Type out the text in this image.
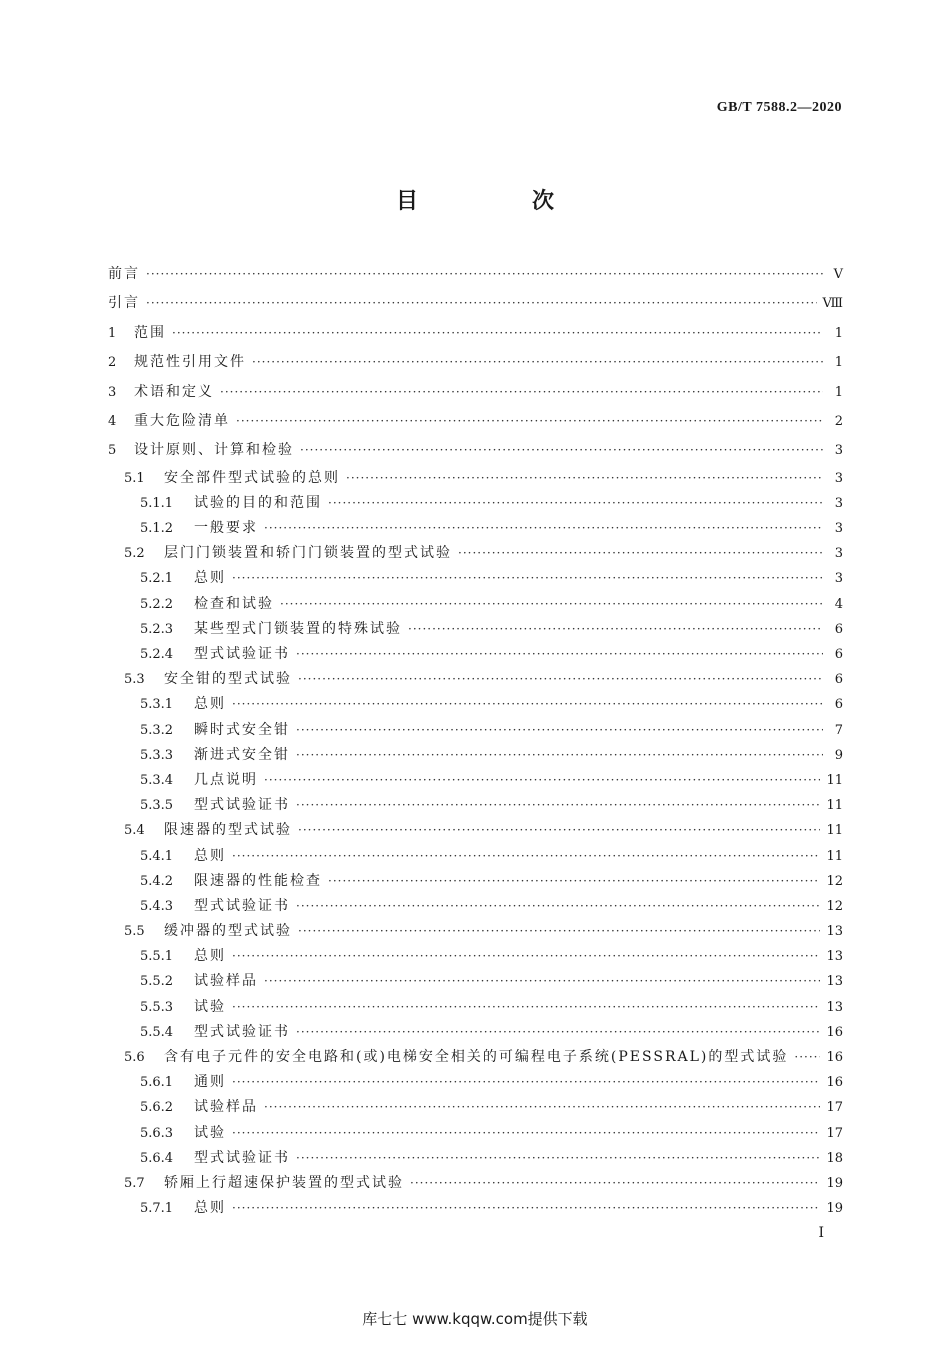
GB/T 7588.2—2020
目　次
前言 ·····	Ⅴ
引言 ·····	Ⅷ
1	范围 ·····	1
2	规范性引用文件 ·····	1
3	术语和定义 ·····	1
4	重大危险清单 ·····	2
5	设计原则、计算和检验 ·····	3
5.1	安全部件型式试验的总则 ·····	3
5.1.1	试验的目的和范围 ·····	3
5.1.2	一般要求 ·····	3
5.2	层门门锁装置和轿门门锁装置的型式试验 ·····	3
5.2.1	总则 ·····	3
5.2.2	检查和试验 ·····	4
5.2.3	某些型式门锁装置的特殊试验 ·····	6
5.2.4	型式试验证书 ·····	6
5.3	安全钳的型式试验 ·····	6
5.3.1	总则 ·····	6
5.3.2	瞬时式安全钳 ·····	7
5.3.3	渐进式安全钳 ·····	9
5.3.4	几点说明 ·····	11
5.3.5	型式试验证书 ·····	11
5.4	限速器的型式试验 ·····	11
5.4.1	总则 ·····	11
5.4.2	限速器的性能检查 ·····	12
5.4.3	型式试验证书 ·····	12
5.5	缓冲器的型式试验 ·····	13
5.5.1	总则 ·····	13
5.5.2	试验样品 ·····	13
5.5.3	试验 ·····	13
5.5.4	型式试验证书 ·····	16
5.6	含有电子元件的安全电路和(或)电梯安全相关的可编程电子系统(PESSRAL)的型式试验 ·····	16
5.6.1	通则 ·····	16
5.6.2	试验样品 ·····	17
5.6.3	试验 ·····	17
5.6.4	型式试验证书 ·····	18
5.7	轿厢上行超速保护装置的型式试验 ·····	19
5.7.1	总则 ·····	19
I
库七七 www.kqqw.com提供下载
